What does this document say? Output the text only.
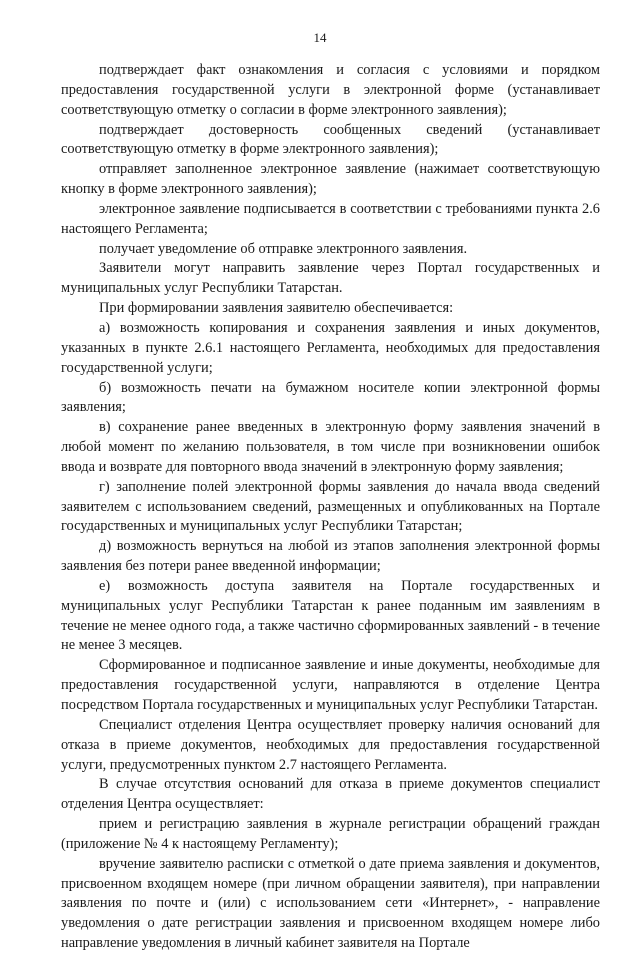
14

подтверждает факт ознакомления и согласия с условиями и порядком предоставления государственной услуги в электронной форме (устанавливает соответствующую отметку о согласии в форме электронного заявления);

подтверждает достоверность сообщенных сведений (устанавливает соответствующую отметку в форме электронного заявления);

отправляет заполненное электронное заявление (нажимает соответствующую кнопку в форме электронного заявления);

электронное заявление подписывается в соответствии с требованиями пункта 2.6 настоящего Регламента;

получает уведомление об отправке электронного заявления.

Заявители могут направить заявление через Портал государственных и муниципальных услуг Республики Татарстан.

При формировании заявления заявителю обеспечивается:

а) возможность копирования и сохранения заявления и иных документов, указанных в пункте 2.6.1 настоящего Регламента, необходимых для предоставления государственной услуги;

б) возможность печати на бумажном носителе копии электронной формы заявления;

в) сохранение ранее введенных в электронную форму заявления значений в любой момент по желанию пользователя, в том числе при возникновении ошибок ввода и возврате для повторного ввода значений в электронную форму заявления;

г) заполнение полей электронной формы заявления до начала ввода сведений заявителем с использованием сведений, размещенных и опубликованных на Портале государственных и муниципальных услуг Республики Татарстан;

д) возможность вернуться на любой из этапов заполнения электронной формы заявления без потери ранее введенной информации;

е) возможность доступа заявителя на Портале государственных и муниципальных услуг Республики Татарстан к ранее поданным им заявлениям в течение не менее одного года, а также частично сформированных заявлений - в течение не менее 3 месяцев.

Сформированное и подписанное заявление и иные документы, необходимые для предоставления государственной услуги, направляются в отделение Центра посредством Портала государственных и муниципальных услуг Республики Татарстан.

Специалист отделения Центра осуществляет проверку наличия оснований для отказа в приеме документов, необходимых для предоставления государственной услуги, предусмотренных пунктом 2.7 настоящего Регламента.

В случае отсутствия оснований для отказа в приеме документов специалист отделения Центра осуществляет:

прием и регистрацию заявления в журнале регистрации обращений граждан (приложение № 4 к настоящему Регламенту);

вручение заявителю расписки с отметкой о дате приема заявления и документов, присвоенном входящем номере (при личном обращении заявителя), при направлении заявления по почте и (или) с использованием сети «Интернет», - направление уведомления о дате регистрации заявления и присвоенном входящем номере либо направление уведомления в личный кабинет заявителя на Портале
